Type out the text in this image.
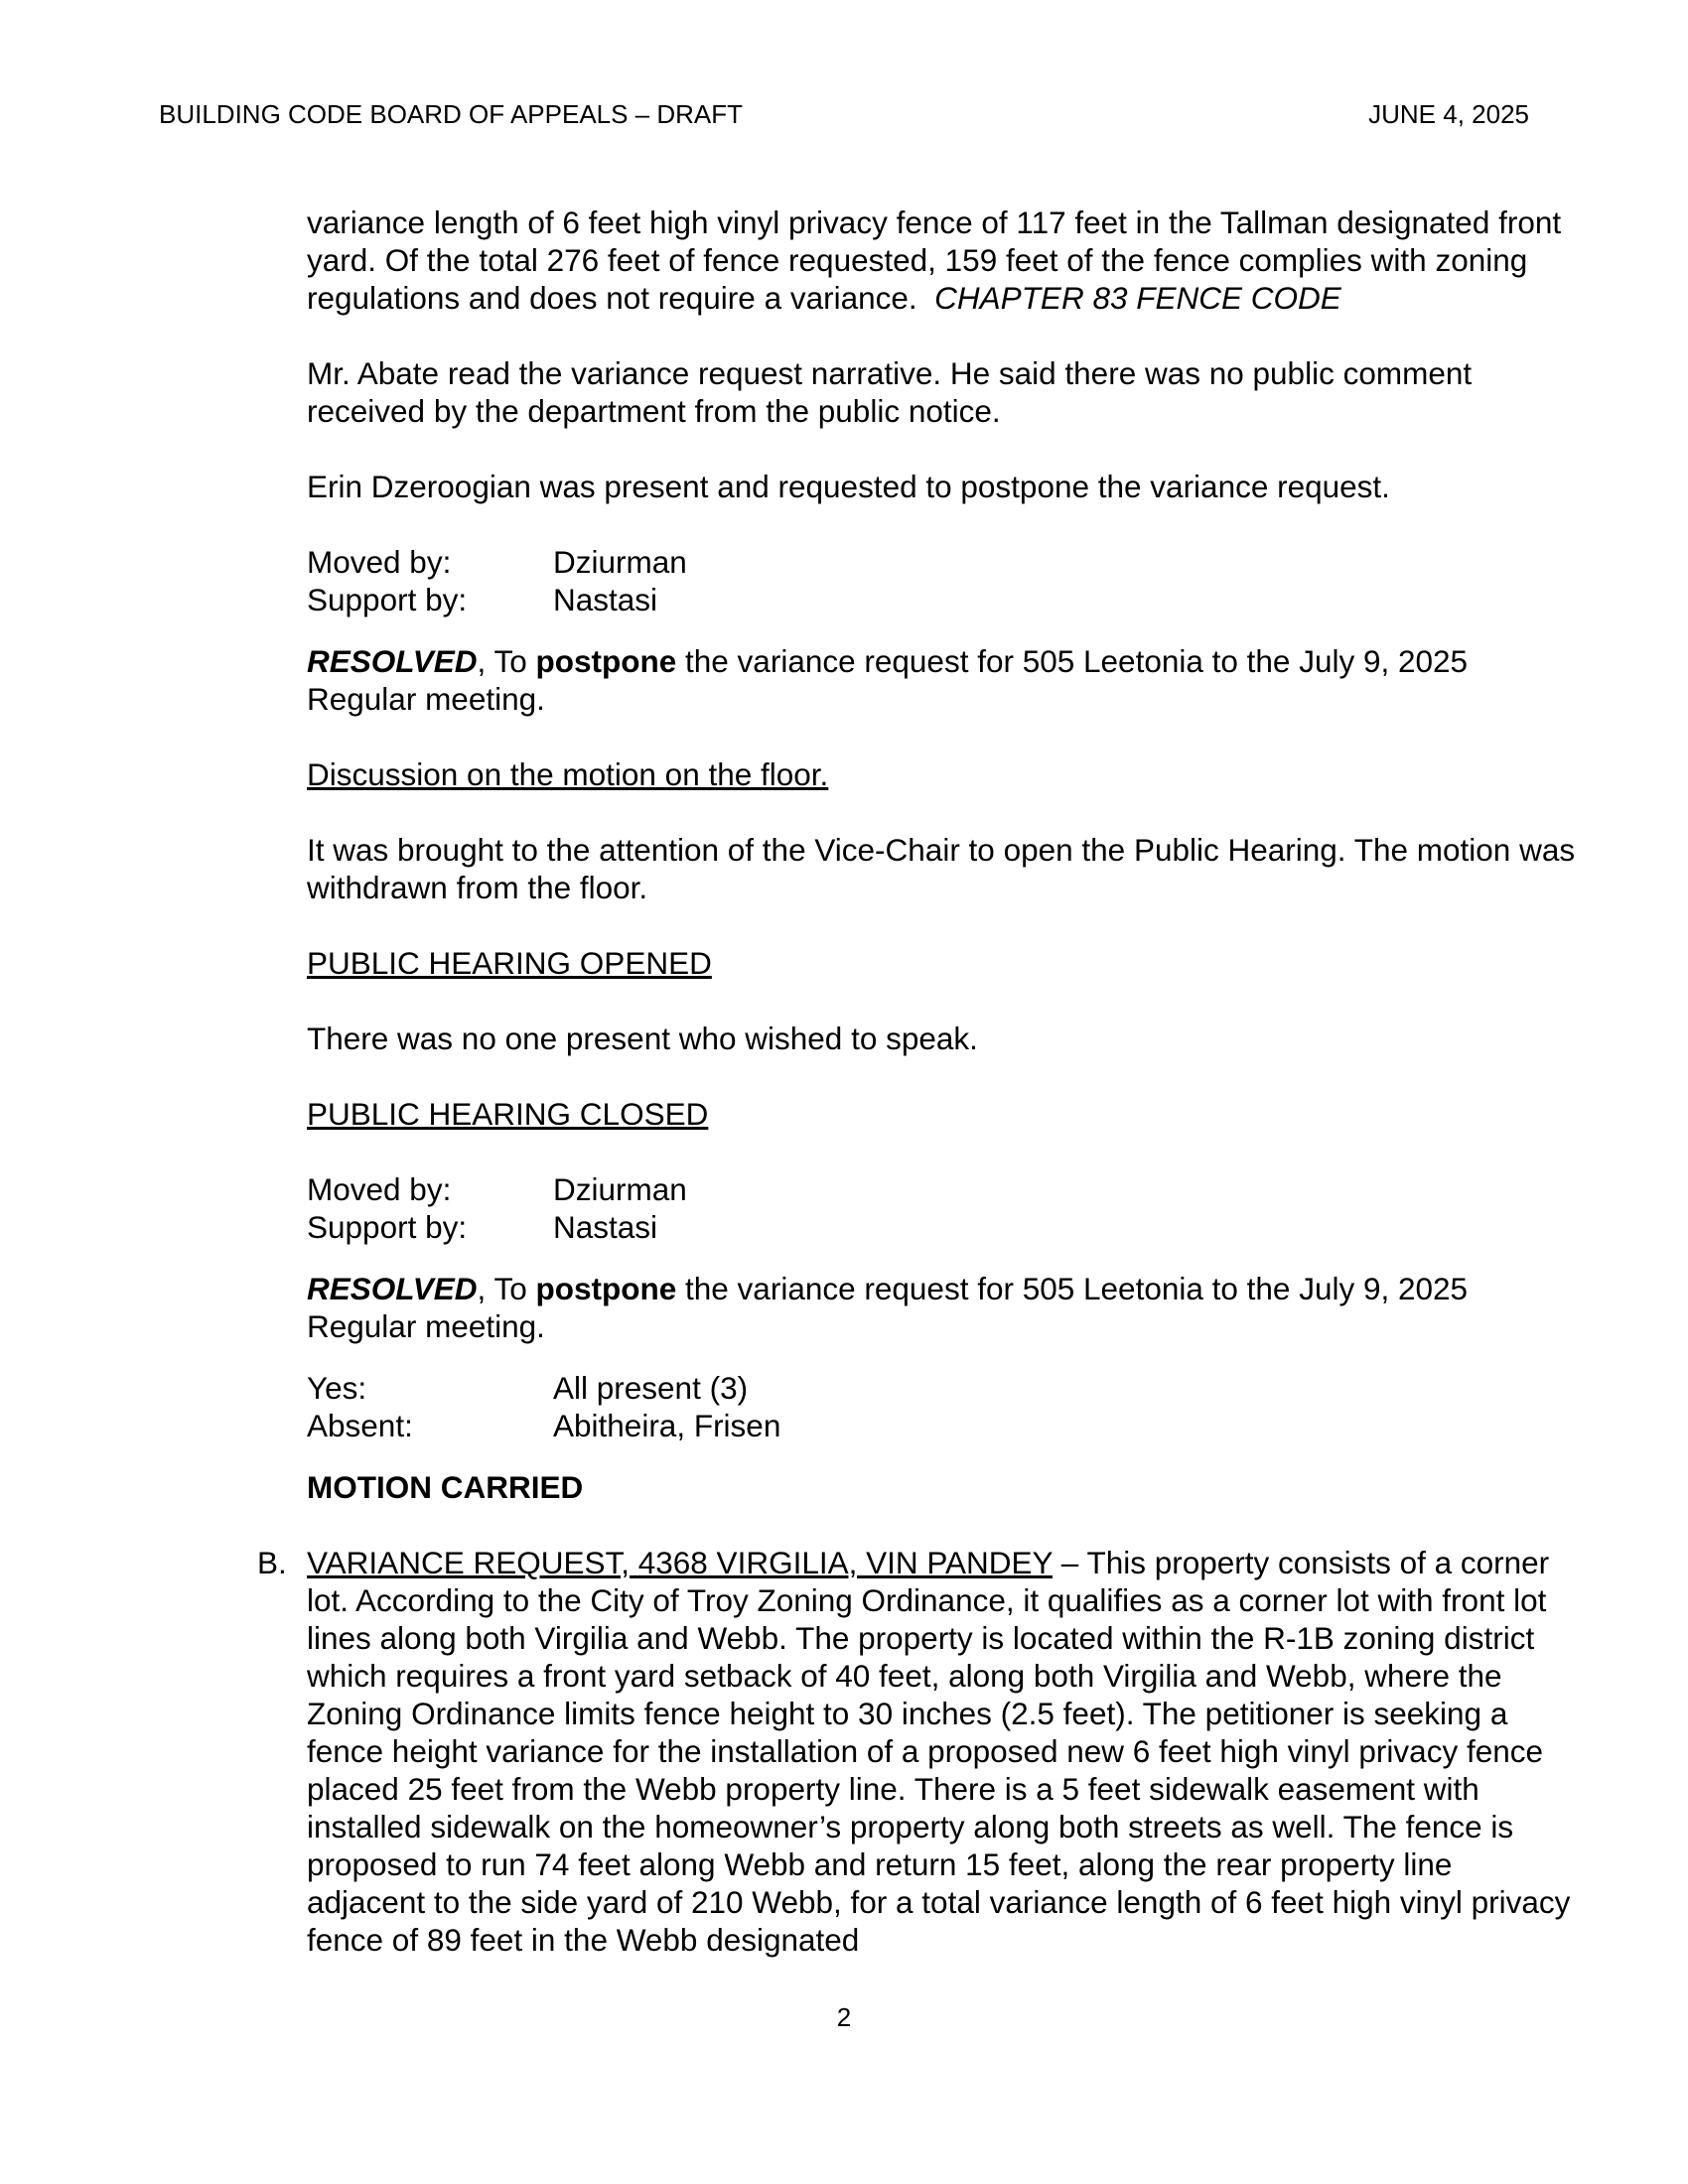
BUILDING CODE BOARD OF APPEALS – DRAFT	JUNE 4, 2025

variance length of 6 feet high vinyl privacy fence of 117 feet in the Tallman designated front yard. Of the total 276 feet of fence requested, 159 feet of the fence complies with zoning regulations and does not require a variance. CHAPTER 83 FENCE CODE

Mr. Abate read the variance request narrative. He said there was no public comment received by the department from the public notice.

Erin Dzeroogian was present and requested to postpone the variance request.

Moved by:	Dziurman
Support by:	Nastasi

RESOLVED, To postpone the variance request for 505 Leetonia to the July 9, 2025 Regular meeting.

Discussion on the motion on the floor.

It was brought to the attention of the Vice-Chair to open the Public Hearing. The motion was withdrawn from the floor.

PUBLIC HEARING OPENED

There was no one present who wished to speak.

PUBLIC HEARING CLOSED

Moved by:	Dziurman
Support by:	Nastasi

RESOLVED, To postpone the variance request for 505 Leetonia to the July 9, 2025 Regular meeting.

Yes:	All present (3)
Absent:	Abitheira, Frisen

MOTION CARRIED

B. VARIANCE REQUEST, 4368 VIRGILIA, VIN PANDEY – This property consists of a corner lot. According to the City of Troy Zoning Ordinance, it qualifies as a corner lot with front lot lines along both Virgilia and Webb. The property is located within the R-1B zoning district which requires a front yard setback of 40 feet, along both Virgilia and Webb, where the Zoning Ordinance limits fence height to 30 inches (2.5 feet). The petitioner is seeking a fence height variance for the installation of a proposed new 6 feet high vinyl privacy fence placed 25 feet from the Webb property line. There is a 5 feet sidewalk easement with installed sidewalk on the homeowner’s property along both streets as well. The fence is proposed to run 74 feet along Webb and return 15 feet, along the rear property line adjacent to the side yard of 210 Webb, for a total variance length of 6 feet high vinyl privacy fence of 89 feet in the Webb designated

2
